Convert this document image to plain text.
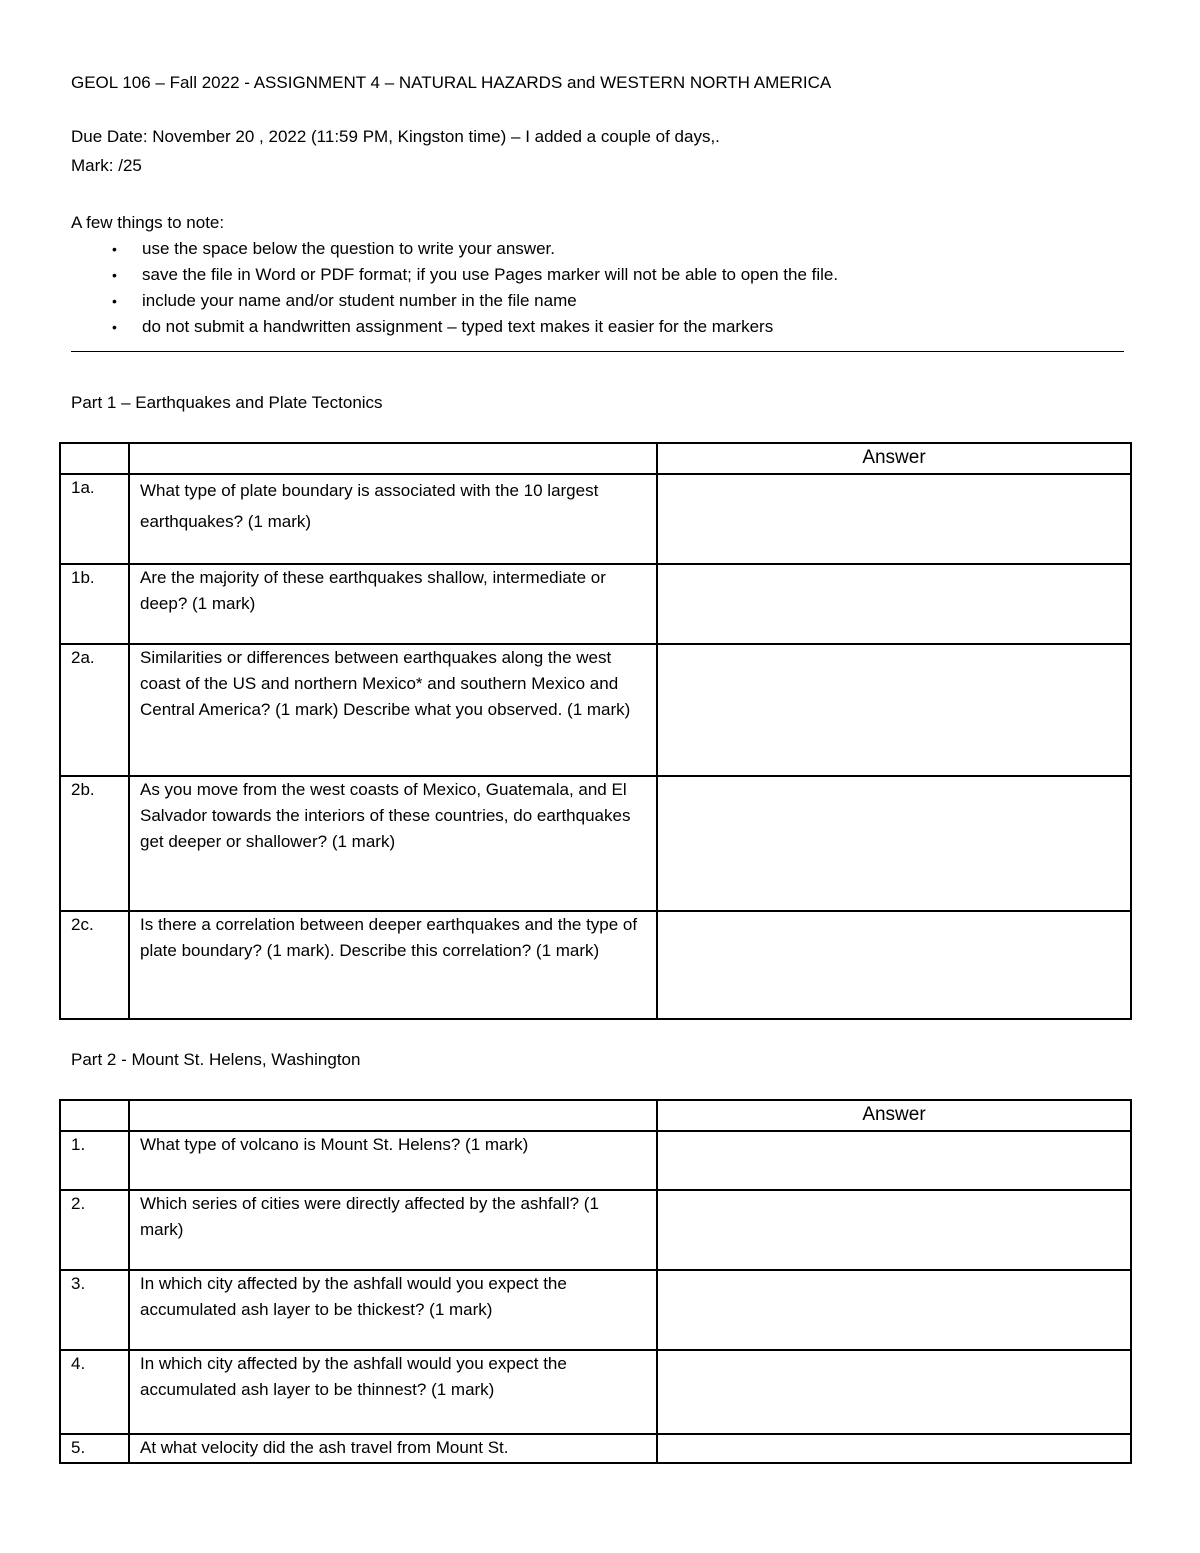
GEOL 106 – Fall 2022 - ASSIGNMENT 4 – NATURAL HAZARDS and WESTERN NORTH AMERICA
Due Date: November 20 , 2022 (11:59 PM, Kingston time) – I added a couple of days,.
Mark: /25
A few things to note:
• use the space below the question to write your answer.
• save the file in Word or PDF format; if you use Pages marker will not be able to open the file.
• include your name and/or student number in the file name
• do not submit a handwritten assignment – typed text makes it easier for the markers
Part 1 – Earthquakes and Plate Tectonics
		Answer
1a.	What type of plate boundary is associated with the 10 largest earthquakes? (1 mark)	

1b.	Are the majority of these earthquakes shallow, intermediate or deep? (1 mark)	
2a.	Similarities or differences between earthquakes along the west coast of the US and northern Mexico* and southern Mexico and Central America? (1 mark) Describe what you observed. (1 mark)	
2b.	As you move from the west coasts of Mexico, Guatemala, and El Salvador towards the interiors of these countries, do earthquakes get deeper or shallower? (1 mark)	
2c.	Is there a correlation between deeper earthquakes and the type of plate boundary? (1 mark). Describe this correlation? (1 mark)	
Part 2 - Mount St. Helens, Washington
		Answer
1.	What type of volcano is Mount St. Helens? (1 mark)	
2.	Which series of cities were directly affected by the ashfall? (1 mark)	
3.	In which city affected by the ashfall would you expect the accumulated ash layer to be thickest? (1 mark)	
4.	In which city affected by the ashfall would you expect the accumulated ash layer to be thinnest? (1 mark)	
5.	At what velocity did the ash travel from Mount St.	
